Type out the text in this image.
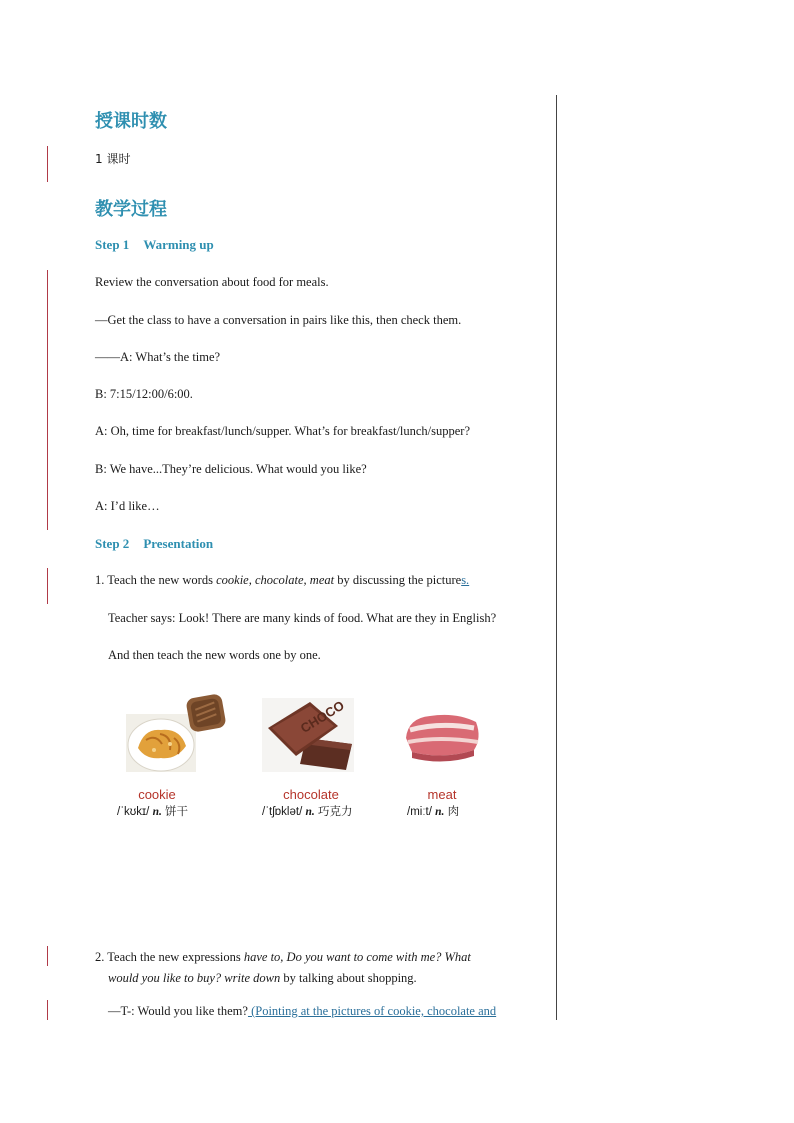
授课时数
1 课时
教学过程
Step 1 Warming up
Review the conversation about food for meals.
—Get the class to have a conversation in pairs like this, then check them.
——A: What’s the time?
B: 7:15/12:00/6:00.
A: Oh, time for breakfast/lunch/supper. What’s for breakfast/lunch/supper?
B: We have...They’re delicious. What would you like?
A: I’d like…
Step 2 Presentation
1. Teach the new words cookie, chocolate, meat by discussing the pictures.
Teacher says: Look! There are many kinds of food. What are they in English?
And then teach the new words one by one.
CHOCO
cookie
/ˈkʊkɪ/ n. 饼干
chocolate
/ˈtʃɒklət/ n. 巧克力
meat
/miːt/ n. 肉
2. Teach the new expressions have to, Do you want to come with me? What
would you like to buy? write down by talking about shopping.
—T-: Would you like them? (Pointing at the pictures of cookie, chocolate and
